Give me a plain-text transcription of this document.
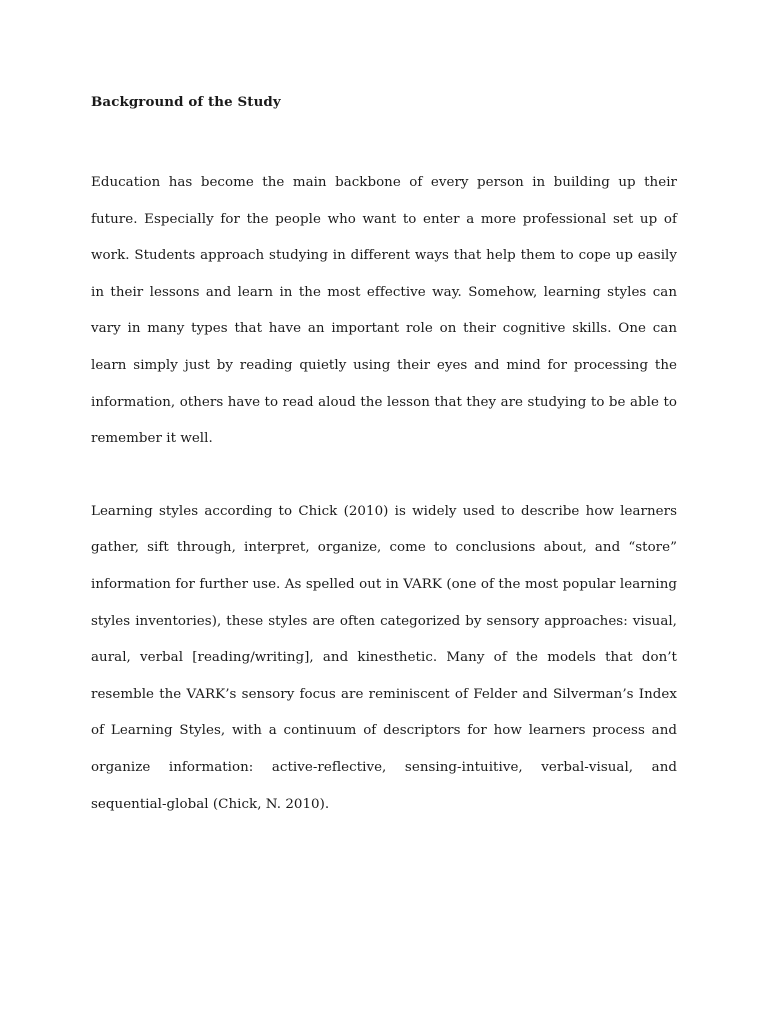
Background of the Study

Education has become the main backbone of every person in building up their future. Especially for the people who want to enter a more professional set up of work. Students approach studying in different ways that help them to cope up easily in their lessons and learn in the most effective way. Somehow, learning styles can vary in many types that have an important role on their cognitive skills. One can learn simply just by reading quietly using their eyes and mind for processing the information, others have to read aloud the lesson that they are studying to be able to remember it well.

Learning styles according to Chick (2010) is widely used to describe how learners gather, sift through, interpret, organize, come to conclusions about, and “store” information for further use. As spelled out in VARK (one of the most popular learning styles inventories), these styles are often categorized by sensory approaches: visual, aural, verbal [reading/writing], and kinesthetic. Many of the models that don’t resemble the VARK’s sensory focus are reminiscent of Felder and Silverman’s Index of Learning Styles, with a continuum of descriptors for how learners process and organize information: active-reflective, sensing-intuitive, verbal-visual, and sequential-global (Chick, N. 2010).
